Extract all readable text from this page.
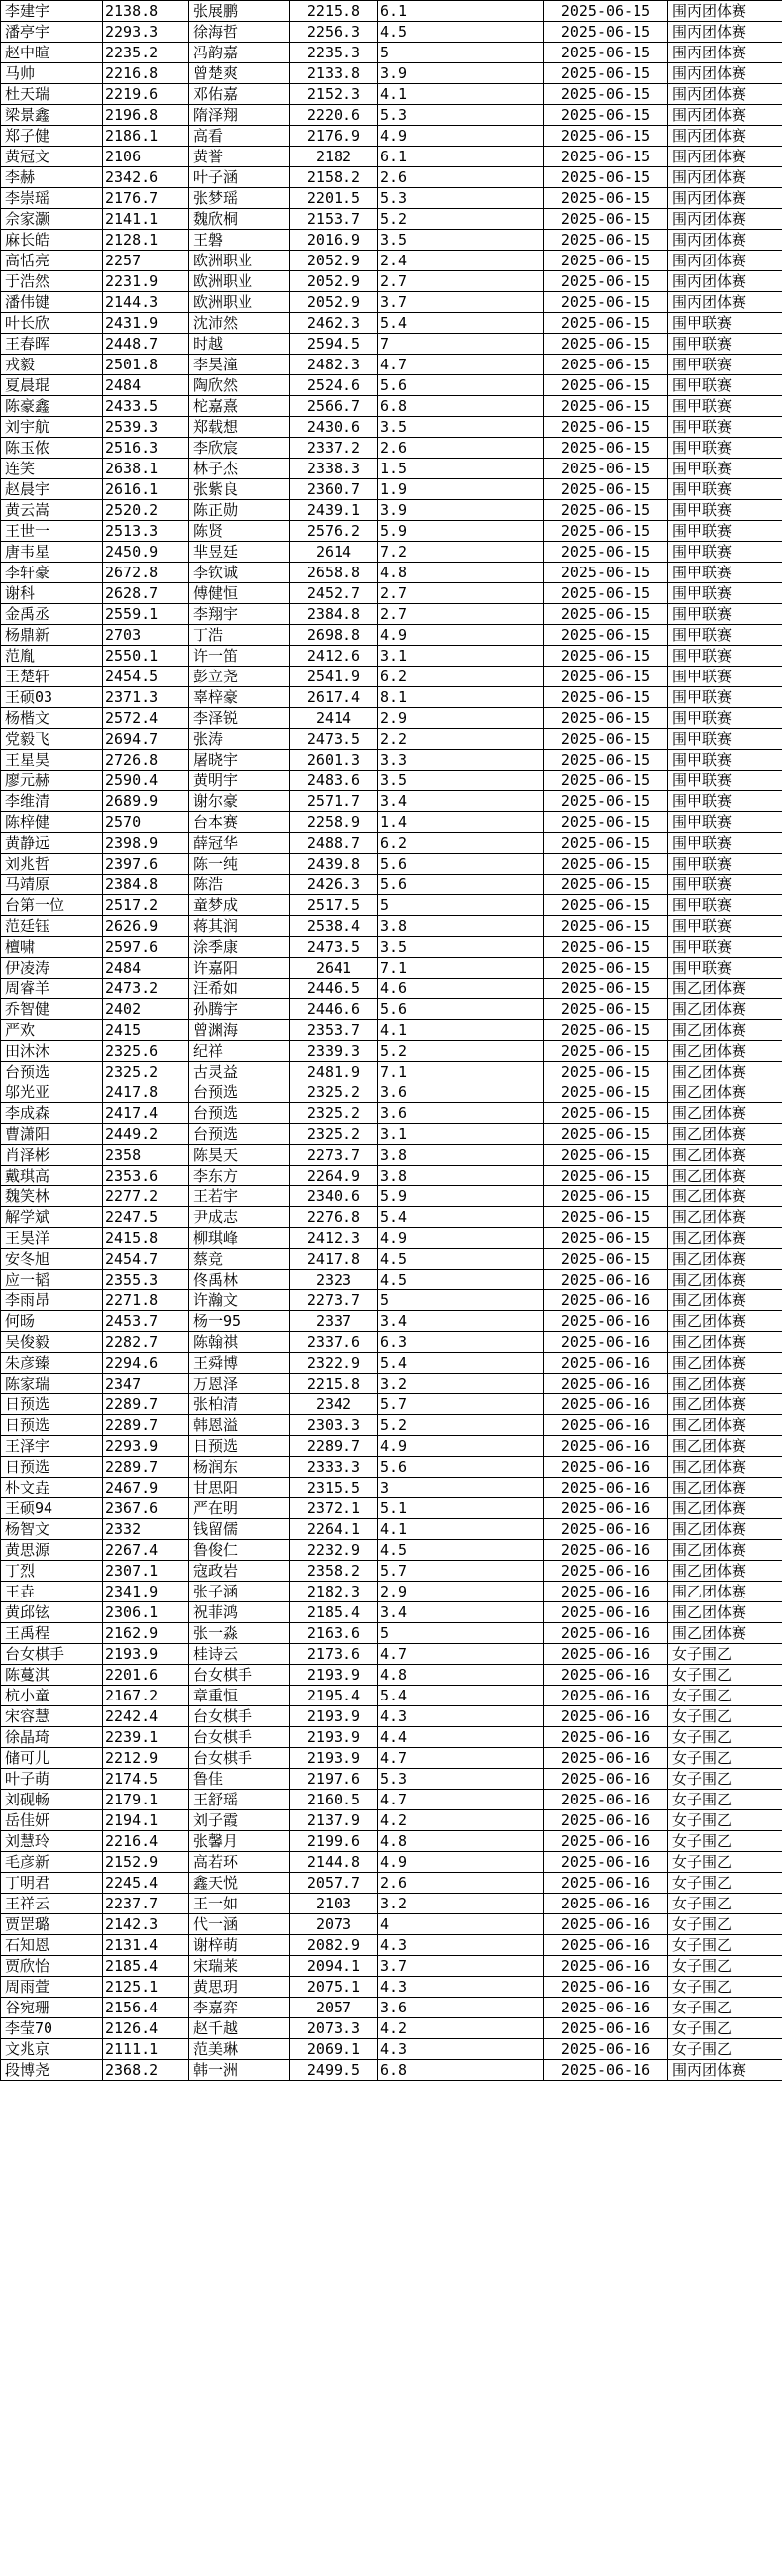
李建宇	2138.8	张展鹏	2215.8	6.1	2025-06-15	围丙团体赛
潘亭宇	2293.3	徐海哲	2256.3	4.5	2025-06-15	围丙团体赛
赵中暄	2235.2	冯韵嘉	2235.3	5	2025-06-15	围丙团体赛
马帅	2216.8	曾楚爽	2133.8	3.9	2025-06-15	围丙团体赛
杜天瑞	2219.6	邓佑嘉	2152.3	4.1	2025-06-15	围丙团体赛
梁景鑫	2196.8	隋泽翔	2220.6	5.3	2025-06-15	围丙团体赛
郑子健	2186.1	高看	2176.9	4.9	2025-06-15	围丙团体赛
黄冠文	2106	黄誉	2182	6.1	2025-06-15	围丙团体赛
李赫	2342.6	叶子涵	2158.2	2.6	2025-06-15	围丙团体赛
李崇瑶	2176.7	张梦瑶	2201.5	5.3	2025-06-15	围丙团体赛
佘家灏	2141.1	魏欣桐	2153.7	5.2	2025-06-15	围丙团体赛
麻长皓	2128.1	王磐	2016.9	3.5	2025-06-15	围丙团体赛
高恬亮	2257	欧洲职业	2052.9	2.4	2025-06-15	围丙团体赛
于浩然	2231.9	欧洲职业	2052.9	2.7	2025-06-15	围丙团体赛
潘伟键	2144.3	欧洲职业	2052.9	3.7	2025-06-15	围丙团体赛
叶长欣	2431.9	沈沛然	2462.3	5.4	2025-06-15	围甲联赛
王春晖	2448.7	时越	2594.5	7	2025-06-15	围甲联赛
戎毅	2501.8	李昊潼	2482.3	4.7	2025-06-15	围甲联赛
夏晨琨	2484	陶欣然	2524.6	5.6	2025-06-15	围甲联赛
陈豪鑫	2433.5	柁嘉熹	2566.7	6.8	2025-06-15	围甲联赛
刘宇航	2539.3	郑载想	2430.6	3.5	2025-06-15	围甲联赛
陈玉侬	2516.3	李欣宸	2337.2	2.6	2025-06-15	围甲联赛
连笑	2638.1	林子杰	2338.3	1.5	2025-06-15	围甲联赛
赵晨宇	2616.1	张紫良	2360.7	1.9	2025-06-15	围甲联赛
黄云嵩	2520.2	陈正勋	2439.1	3.9	2025-06-15	围甲联赛
王世一	2513.3	陈贤	2576.2	5.9	2025-06-15	围甲联赛
唐韦星	2450.9	芈昱廷	2614	7.2	2025-06-15	围甲联赛
李轩豪	2672.8	李钦诚	2658.8	4.8	2025-06-15	围甲联赛
谢科	2628.7	傅健恒	2452.7	2.7	2025-06-15	围甲联赛
金禹丞	2559.1	李翔宇	2384.8	2.7	2025-06-15	围甲联赛
杨鼎新	2703	丁浩	2698.8	4.9	2025-06-15	围甲联赛
范胤	2550.1	许一笛	2412.6	3.1	2025-06-15	围甲联赛
王楚轩	2454.5	彭立尧	2541.9	6.2	2025-06-15	围甲联赛
王硕03	2371.3	辜梓豪	2617.4	8.1	2025-06-15	围甲联赛
杨楷文	2572.4	李泽锐	2414	2.9	2025-06-15	围甲联赛
党毅飞	2694.7	张涛	2473.5	2.2	2025-06-15	围甲联赛
王星昊	2726.8	屠晓宇	2601.3	3.3	2025-06-15	围甲联赛
廖元赫	2590.4	黄明宇	2483.6	3.5	2025-06-15	围甲联赛
李维清	2689.9	谢尔豪	2571.7	3.4	2025-06-15	围甲联赛
陈梓健	2570	台本赛	2258.9	1.4	2025-06-15	围甲联赛
黄静远	2398.9	薛冠华	2488.7	6.2	2025-06-15	围甲联赛
刘兆哲	2397.6	陈一纯	2439.8	5.6	2025-06-15	围甲联赛
马靖原	2384.8	陈浩	2426.3	5.6	2025-06-15	围甲联赛
台第一位	2517.2	童梦成	2517.5	5	2025-06-15	围甲联赛
范廷钰	2626.9	蒋其润	2538.4	3.8	2025-06-15	围甲联赛
檀啸	2597.6	涂季康	2473.5	3.5	2025-06-15	围甲联赛
伊凌涛	2484	许嘉阳	2641	7.1	2025-06-15	围甲联赛
周睿羊	2473.2	汪希如	2446.5	4.6	2025-06-15	围乙团体赛
乔智健	2402	孙腾宇	2446.6	5.6	2025-06-15	围乙团体赛
严欢	2415	曾渊海	2353.7	4.1	2025-06-15	围乙团体赛
田沐沐	2325.6	纪祥	2339.3	5.2	2025-06-15	围乙团体赛
台预选	2325.2	古灵益	2481.9	7.1	2025-06-15	围乙团体赛
邬光亚	2417.8	台预选	2325.2	3.6	2025-06-15	围乙团体赛
李成森	2417.4	台预选	2325.2	3.6	2025-06-15	围乙团体赛
曹潇阳	2449.2	台预选	2325.2	3.1	2025-06-15	围乙团体赛
肖泽彬	2358	陈昊天	2273.7	3.8	2025-06-15	围乙团体赛
戴琪高	2353.6	李东方	2264.9	3.8	2025-06-15	围乙团体赛
魏笑林	2277.2	王若宇	2340.6	5.9	2025-06-15	围乙团体赛
解学斌	2247.5	尹成志	2276.8	5.4	2025-06-15	围乙团体赛
王昊洋	2415.8	柳琪峰	2412.3	4.9	2025-06-15	围乙团体赛
安冬旭	2454.7	蔡竞	2417.8	4.5	2025-06-15	围乙团体赛
应一韬	2355.3	佟禹林	2323	4.5	2025-06-16	围乙团体赛
李雨昂	2271.8	许瀚文	2273.7	5	2025-06-16	围乙团体赛
何旸	2453.7	杨一95	2337	3.4	2025-06-16	围乙团体赛
吴俊毅	2282.7	陈翰祺	2337.6	6.3	2025-06-16	围乙团体赛
朱彦臻	2294.6	王舜博	2322.9	5.4	2025-06-16	围乙团体赛
陈家瑞	2347	万恩泽	2215.8	3.2	2025-06-16	围乙团体赛
日预选	2289.7	张柏清	2342	5.7	2025-06-16	围乙团体赛
日预选	2289.7	韩恩溢	2303.3	5.2	2025-06-16	围乙团体赛
王泽宇	2293.9	日预选	2289.7	4.9	2025-06-16	围乙团体赛
日预选	2289.7	杨润东	2333.3	5.6	2025-06-16	围乙团体赛
朴文垚	2467.9	甘思阳	2315.5	3	2025-06-16	围乙团体赛
王硕94	2367.6	严在明	2372.1	5.1	2025-06-16	围乙团体赛
杨智文	2332	钱留儒	2264.1	4.1	2025-06-16	围乙团体赛
黄思源	2267.4	鲁俊仁	2232.9	4.5	2025-06-16	围乙团体赛
丁烈	2307.1	寇政岩	2358.2	5.7	2025-06-16	围乙团体赛
王垚	2341.9	张子涵	2182.3	2.9	2025-06-16	围乙团体赛
黄邱铉	2306.1	祝菲鸿	2185.4	3.4	2025-06-16	围乙团体赛
王禹程	2162.9	张一淼	2163.6	5	2025-06-16	围乙团体赛
台女棋手	2193.9	桂诗云	2173.6	4.7	2025-06-16	女子围乙
陈蔓淇	2201.6	台女棋手	2193.9	4.8	2025-06-16	女子围乙
杭小童	2167.2	章重恒	2195.4	5.4	2025-06-16	女子围乙
宋容慧	2242.4	台女棋手	2193.9	4.3	2025-06-16	女子围乙
徐晶琦	2239.1	台女棋手	2193.9	4.4	2025-06-16	女子围乙
储可儿	2212.9	台女棋手	2193.9	4.7	2025-06-16	女子围乙
叶子萌	2174.5	鲁佳	2197.6	5.3	2025-06-16	女子围乙
刘砚畅	2179.1	王舒瑶	2160.5	4.7	2025-06-16	女子围乙
岳佳妍	2194.1	刘子霞	2137.9	4.2	2025-06-16	女子围乙
刘慧玲	2216.4	张馨月	2199.6	4.8	2025-06-16	女子围乙
毛彦新	2152.9	高若环	2144.8	4.9	2025-06-16	女子围乙
丁明君	2245.4	鑫天悦	2057.7	2.6	2025-06-16	女子围乙
王祥云	2237.7	王一如	2103	3.2	2025-06-16	女子围乙
贾罡璐	2142.3	代一涵	2073	4	2025-06-16	女子围乙
石知恩	2131.4	谢梓萌	2082.9	4.3	2025-06-16	女子围乙
贾欣怡	2185.4	宋瑞莱	2094.1	3.7	2025-06-16	女子围乙
周雨萱	2125.1	黄思玥	2075.1	4.3	2025-06-16	女子围乙
谷宛珊	2156.4	李嘉弈	2057	3.6	2025-06-16	女子围乙
李莹70	2126.4	赵千越	2073.3	4.2	2025-06-16	女子围乙
文兆京	2111.1	范美琳	2069.1	4.3	2025-06-16	女子围乙
段博尧	2368.2	韩一洲	2499.5	6.8	2025-06-16	围丙团体赛
